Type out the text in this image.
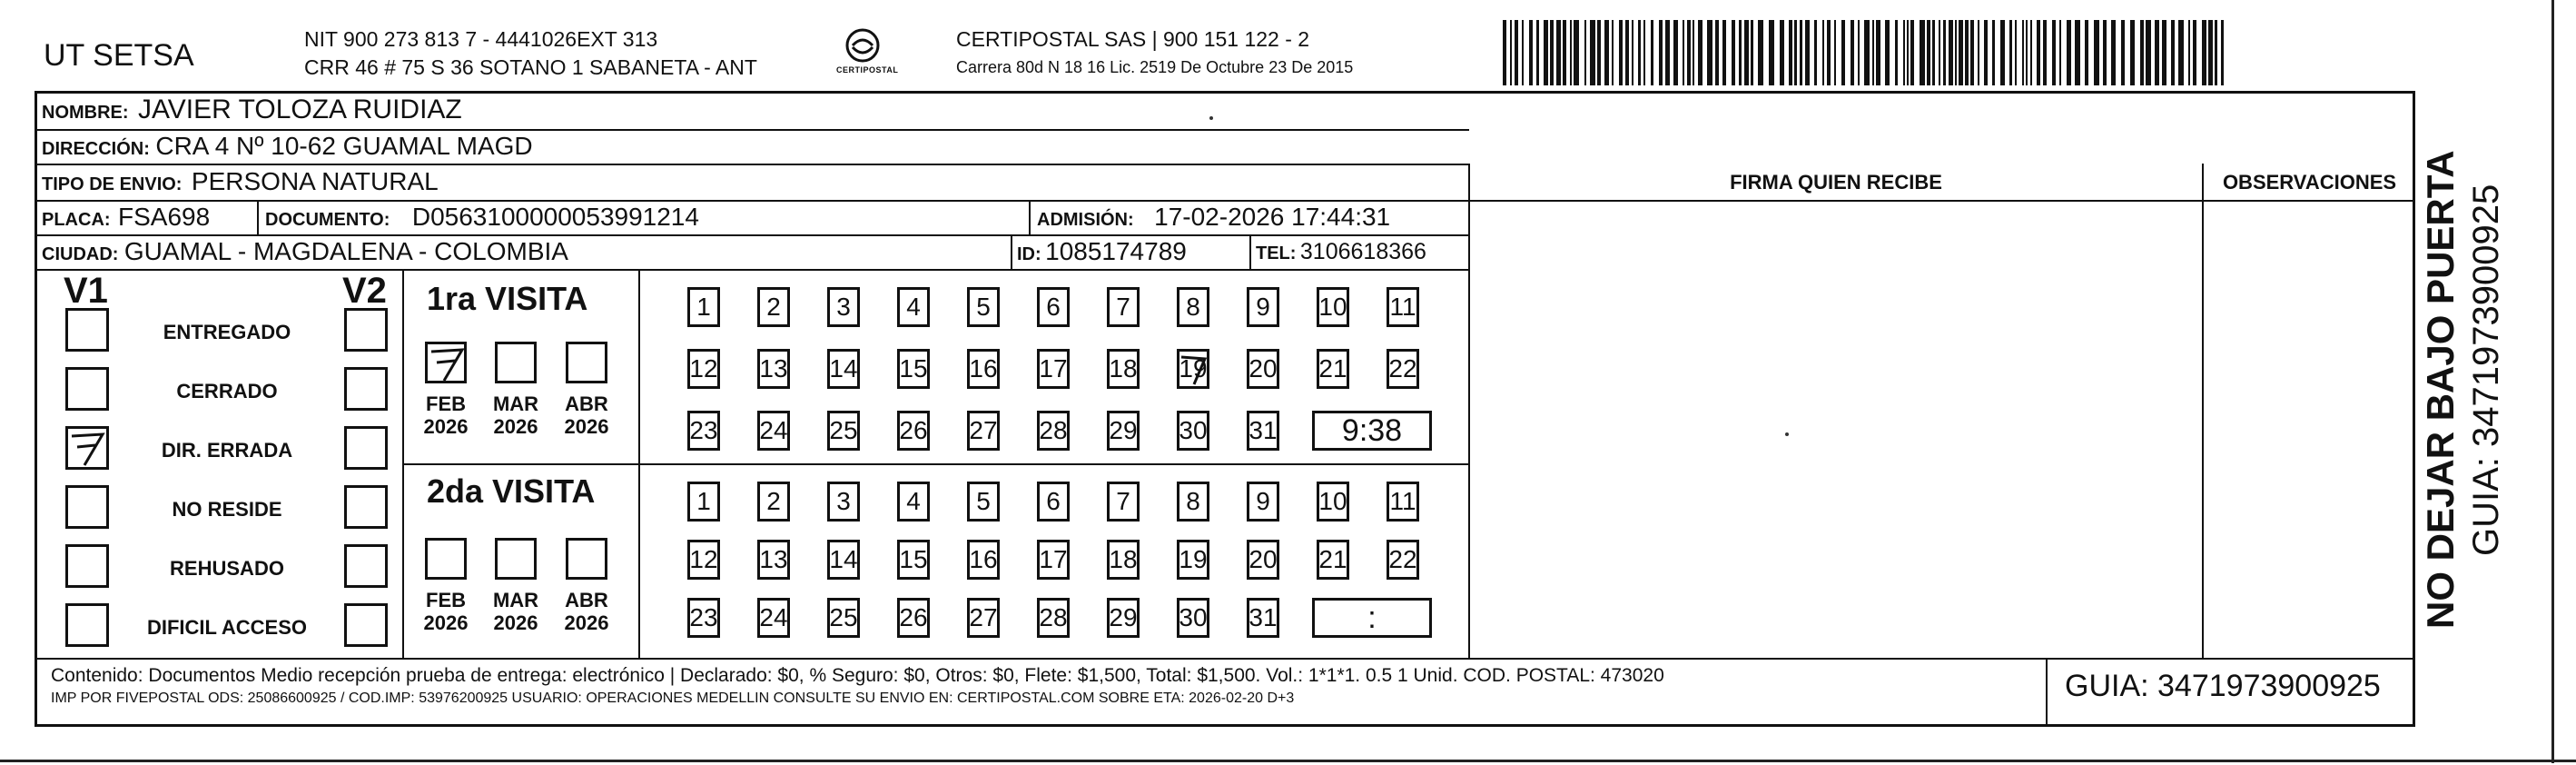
UT SETSA	NIT 900 273 813 7 - 4441026EXT 313
CRR 46 # 75 S 36 SOTANO 1 SABANETA - ANT	CERTIPOSTAL
CERTIPOSTAL SAS | 900 151 122 - 2
Carrera 80d N 18 16 Lic. 2519 De Octubre 23 De 2015
NOMBRE: JAVIER TOLOZA RUIDIAZ
DIRECCIÓN: CRA 4 Nº 10-62 GUAMAL MAGD
TIPO DE ENVIO: PERSONA NATURAL	FIRMA QUIEN RECIBE	OBSERVACIONES
PLACA: FSA698	DOCUMENTO: D0563100000053991214	ADMISIÓN: 17-02-2026 17:44:31
CIUDAD: GUAMAL - MAGDALENA - COLOMBIA	ID: 1085174789	TEL: 3106618366
V1	V2 1ra VISITA
2da VISITA
Contenido: Documentos Medio recepción prueba de entrega: electrónico | Declarado: $0, % Seguro: $0, Otros: $0, Flete: $1,500, Total: $1,500. Vol.: 1*1*1. 0.5 1 Unid. COD. POSTAL: 473020
IMP POR FIVEPOSTAL ODS: 25086600925 / COD.IMP: 53976200925 USUARIO: OPERACIONES MEDELLIN CONSULTE SU ENVIO EN: CERTIPOSTAL.COM SOBRE ETA: 2026-02-20 D+3	GUIA: 3471973900925
NO DEJAR BAJO PUERTA GUIA: 3471973900925
ENTREGADO
CERRADO
DIR. ERRADA
NO RESIDE
REHUSADO
DIFICIL ACCESO
FEB
2026
MAR
2026
ABR
2026
FEB
2026
MAR
2026
ABR
2026
1	2	3	4	5	6	7	8	9	10 11
12 13 14 15 16 17 18 19 20 21 22
23 24 25 26 27 28 29 30 31	9:38
1	2	3	4	5	6	7	8	9	10 11
12 13 14 15 16 17 18 19 20 21 22
23 24 25 26 27 28 29 30 31	:
